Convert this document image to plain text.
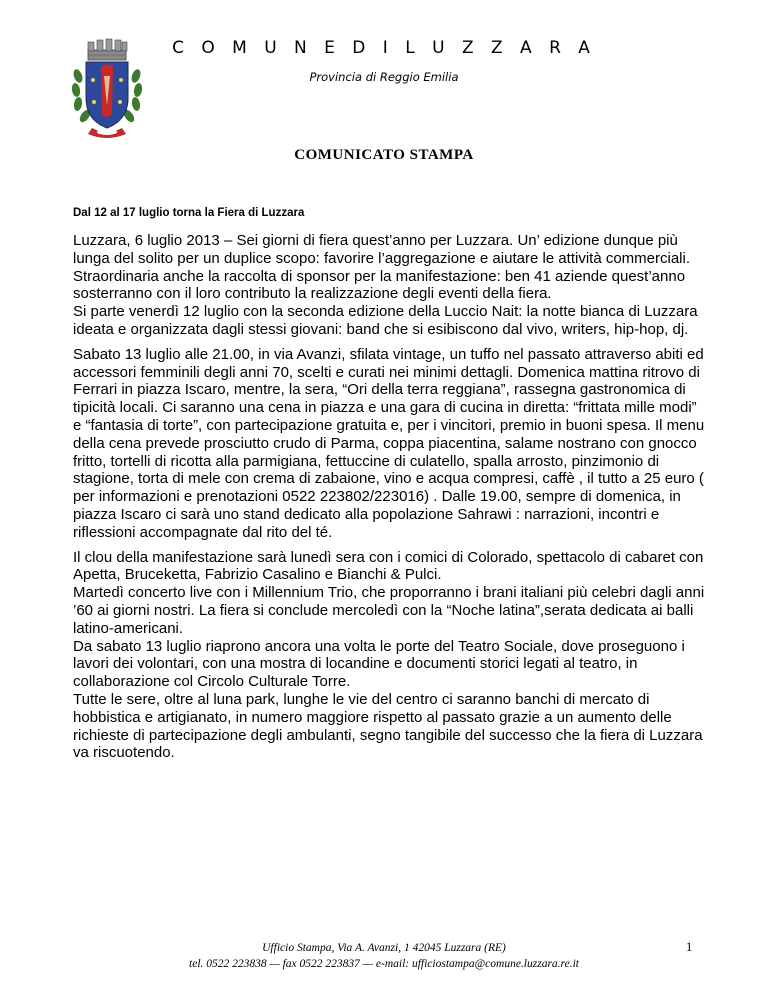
C O M U N E D I L U Z Z A R A
Provincia di Reggio Emilia
COMUNICATO STAMPA
Dal 12 al 17 luglio torna la Fiera di Luzzara

Luzzara, 6 luglio 2013 – Sei giorni di fiera quest’anno per Luzzara. Un’ edizione dunque più lunga del solito per un duplice scopo: favorire l’aggregazione e aiutare le attività commerciali. Straordinaria anche la raccolta di sponsor per la manifestazione: ben 41 aziende quest’anno sosterranno con il loro contributo la realizzazione degli eventi della fiera.
Si parte venerdì 12 luglio con la seconda edizione della Luccio Nait: la notte bianca di Luzzara ideata e organizzata dagli stessi giovani: band che si esibiscono dal vivo, writers, hip-hop, dj.

Sabato 13 luglio alle 21.00, in via Avanzi, sfilata vintage, un tuffo nel passato attraverso abiti ed accessori femminili degli anni 70, scelti e curati nei minimi dettagli. Domenica mattina ritrovo di Ferrari in piazza Iscaro, mentre, la sera, “Ori della terra reggiana”, rassegna gastronomica di tipicità locali. Ci saranno una cena in piazza e una gara di cucina in diretta: “frittata mille modi” e “fantasia di torte”, con partecipazione gratuita e, per i vincitori, premio in buoni spesa. Il menu della cena prevede prosciutto crudo di Parma, coppa piacentina, salame nostrano con gnocco fritto, tortelli di ricotta alla parmigiana, fettuccine di culatello, spalla arrosto, pinzimonio di stagione, torta di mele con crema di zabaione, vino e acqua compresi, caffè , il tutto a 25 euro ( per informazioni e prenotazioni 0522 223802/223016) . Dalle 19.00, sempre di domenica, in piazza Iscaro ci sarà uno stand dedicato alla popolazione Sahrawi : narrazioni, incontri e riflessioni accompagnate dal rito del té.

Il clou della manifestazione sarà lunedì sera con i comici di Colorado, spettacolo di cabaret con Apetta, Bruceketta, Fabrizio Casalino e Bianchi & Pulci.
Martedì concerto live con i Millennium Trio, che proporranno i brani italiani più celebri dagli anni ’60 ai giorni nostri. La fiera si conclude mercoledì con la “Noche latina”,serata dedicata ai balli latino-americani.
Da sabato 13 luglio riaprono ancora una volta le porte del Teatro Sociale, dove proseguono i lavori dei volontari, con una mostra di locandine e documenti storici legati al teatro, in collaborazione col Circolo Culturale Torre.
Tutte le sere, oltre al luna park, lunghe le vie del centro ci saranno banchi di mercato di hobbistica e artigianato, in numero maggiore rispetto al passato grazie a un aumento delle richieste di partecipazione degli ambulanti, segno tangibile del successo che la fiera di Luzzara va riscuotendo.

Ufficio Stampa, Via A. Avanzi, 1 42045 Luzzara (RE)
tel. 0522 223838 — fax 0522 223837 — e-mail: ufficiostampa@comune.luzzara.re.it
1
